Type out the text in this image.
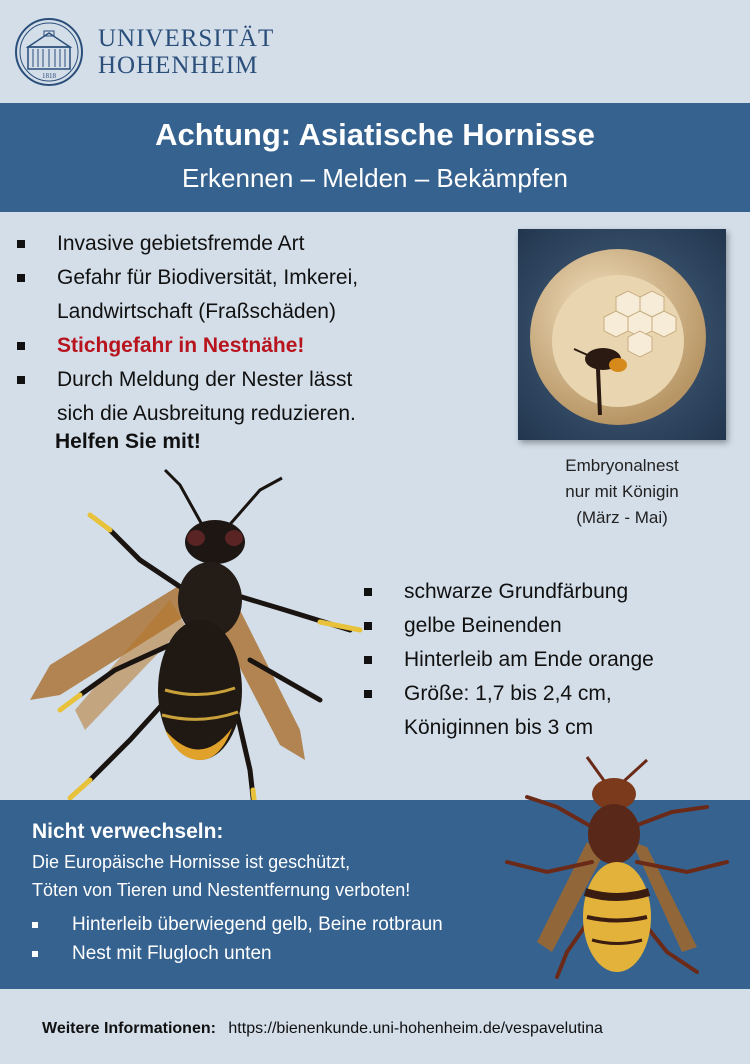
1818
UNIVERSITÄT
HOHENHEIM
Achtung: Asiatische Hornisse
Erkennen – Melden – Bekämpfen
Invasive gebietsfremde Art
Gefahr für Biodiversität, Imkerei,
Landwirtschaft (Fraßschäden)
Stichgefahr in Nestnähe!
Durch Meldung der Nester lässt
sich die Ausbreitung reduzieren.
Helfen Sie mit!
Embryonalnest
nur mit Königin
(März - Mai)
schwarze Grundfärbung
gelbe Beinenden
Hinterleib am Ende orange
Größe: 1,7 bis 2,4 cm,
Königinnen bis 3 cm
Nicht verwechseln:

Die Europäische Hornisse ist geschützt,

Töten von Tieren und Nestentfernung verboten!

Hinterleib überwiegend gelb, Beine rotbraun
Nest mit Flugloch unten
Weitere Informationen: https://bienenkunde.uni-hohenheim.de/vespavelutina
